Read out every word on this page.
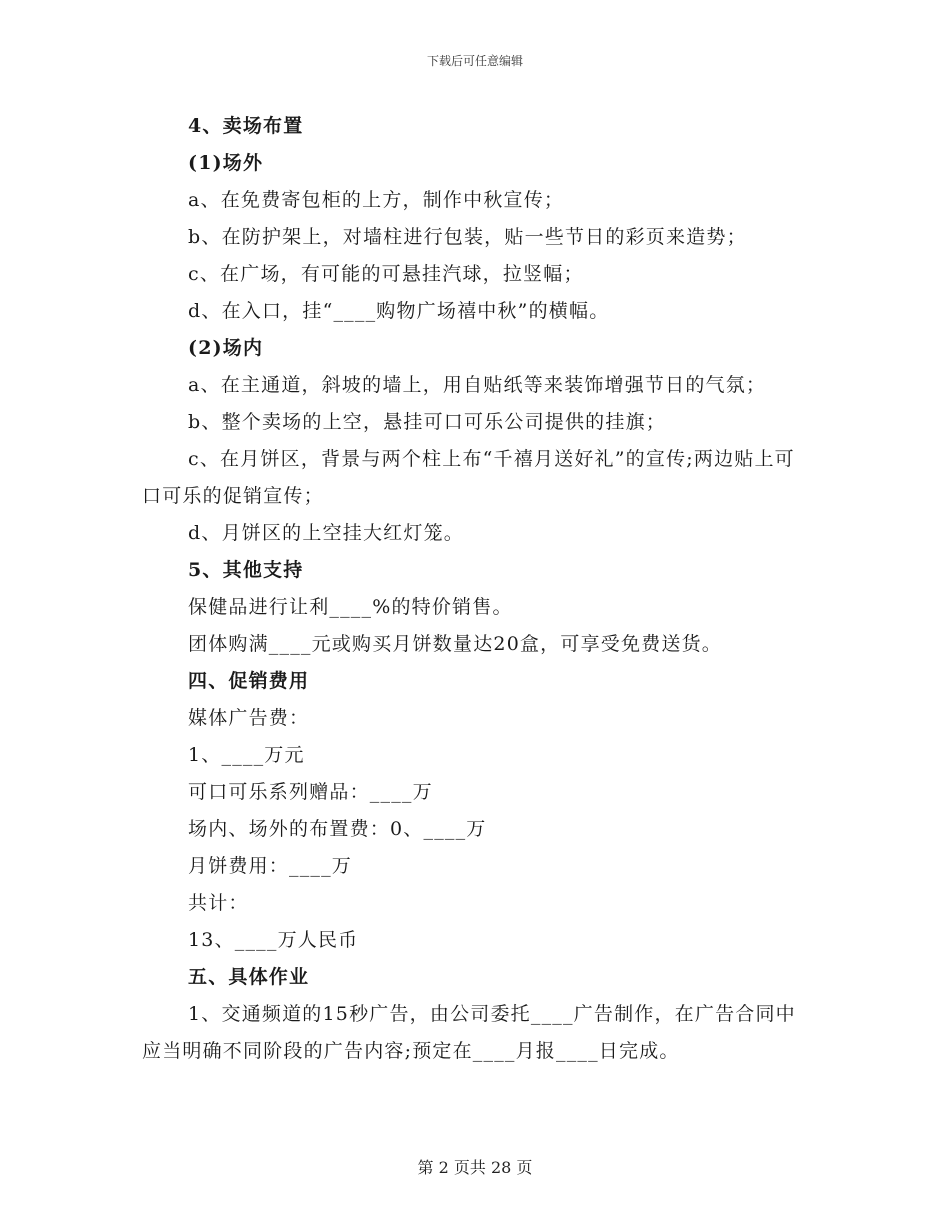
下载后可任意编辑

4、卖场布置

(1)场外

a、在免费寄包柜的上方，制作中秋宣传；

b、在防护架上，对墙柱进行包装，贴一些节日的彩页来造势；

c、在广场，有可能的可悬挂汽球，拉竖幅；

d、在入口，挂“____购物广场禧中秋”的横幅。

(2)场内

a、在主通道，斜坡的墙上，用自贴纸等来装饰增强节日的气氛；

b、整个卖场的上空，悬挂可口可乐公司提供的挂旗；

c、在月饼区，背景与两个柱上布“千禧月送好礼”的宣传;两边贴上可口可乐的促销宣传；

d、月饼区的上空挂大红灯笼。

5、其他支持

保健品进行让利____%的特价销售。

团体购满____元或购买月饼数量达20盒，可享受免费送货。

四、促销费用

媒体广告费：

1、____万元

可口可乐系列赠品：____万

场内、场外的布置费：0、____万

月饼费用：____万

共计：

13、____万人民币

五、具体作业

1、交通频道的15秒广告，由公司委托____广告制作，在广告合同中应当明确不同阶段的广告内容;预定在____月报____日完成。

第 2 页共 28 页
